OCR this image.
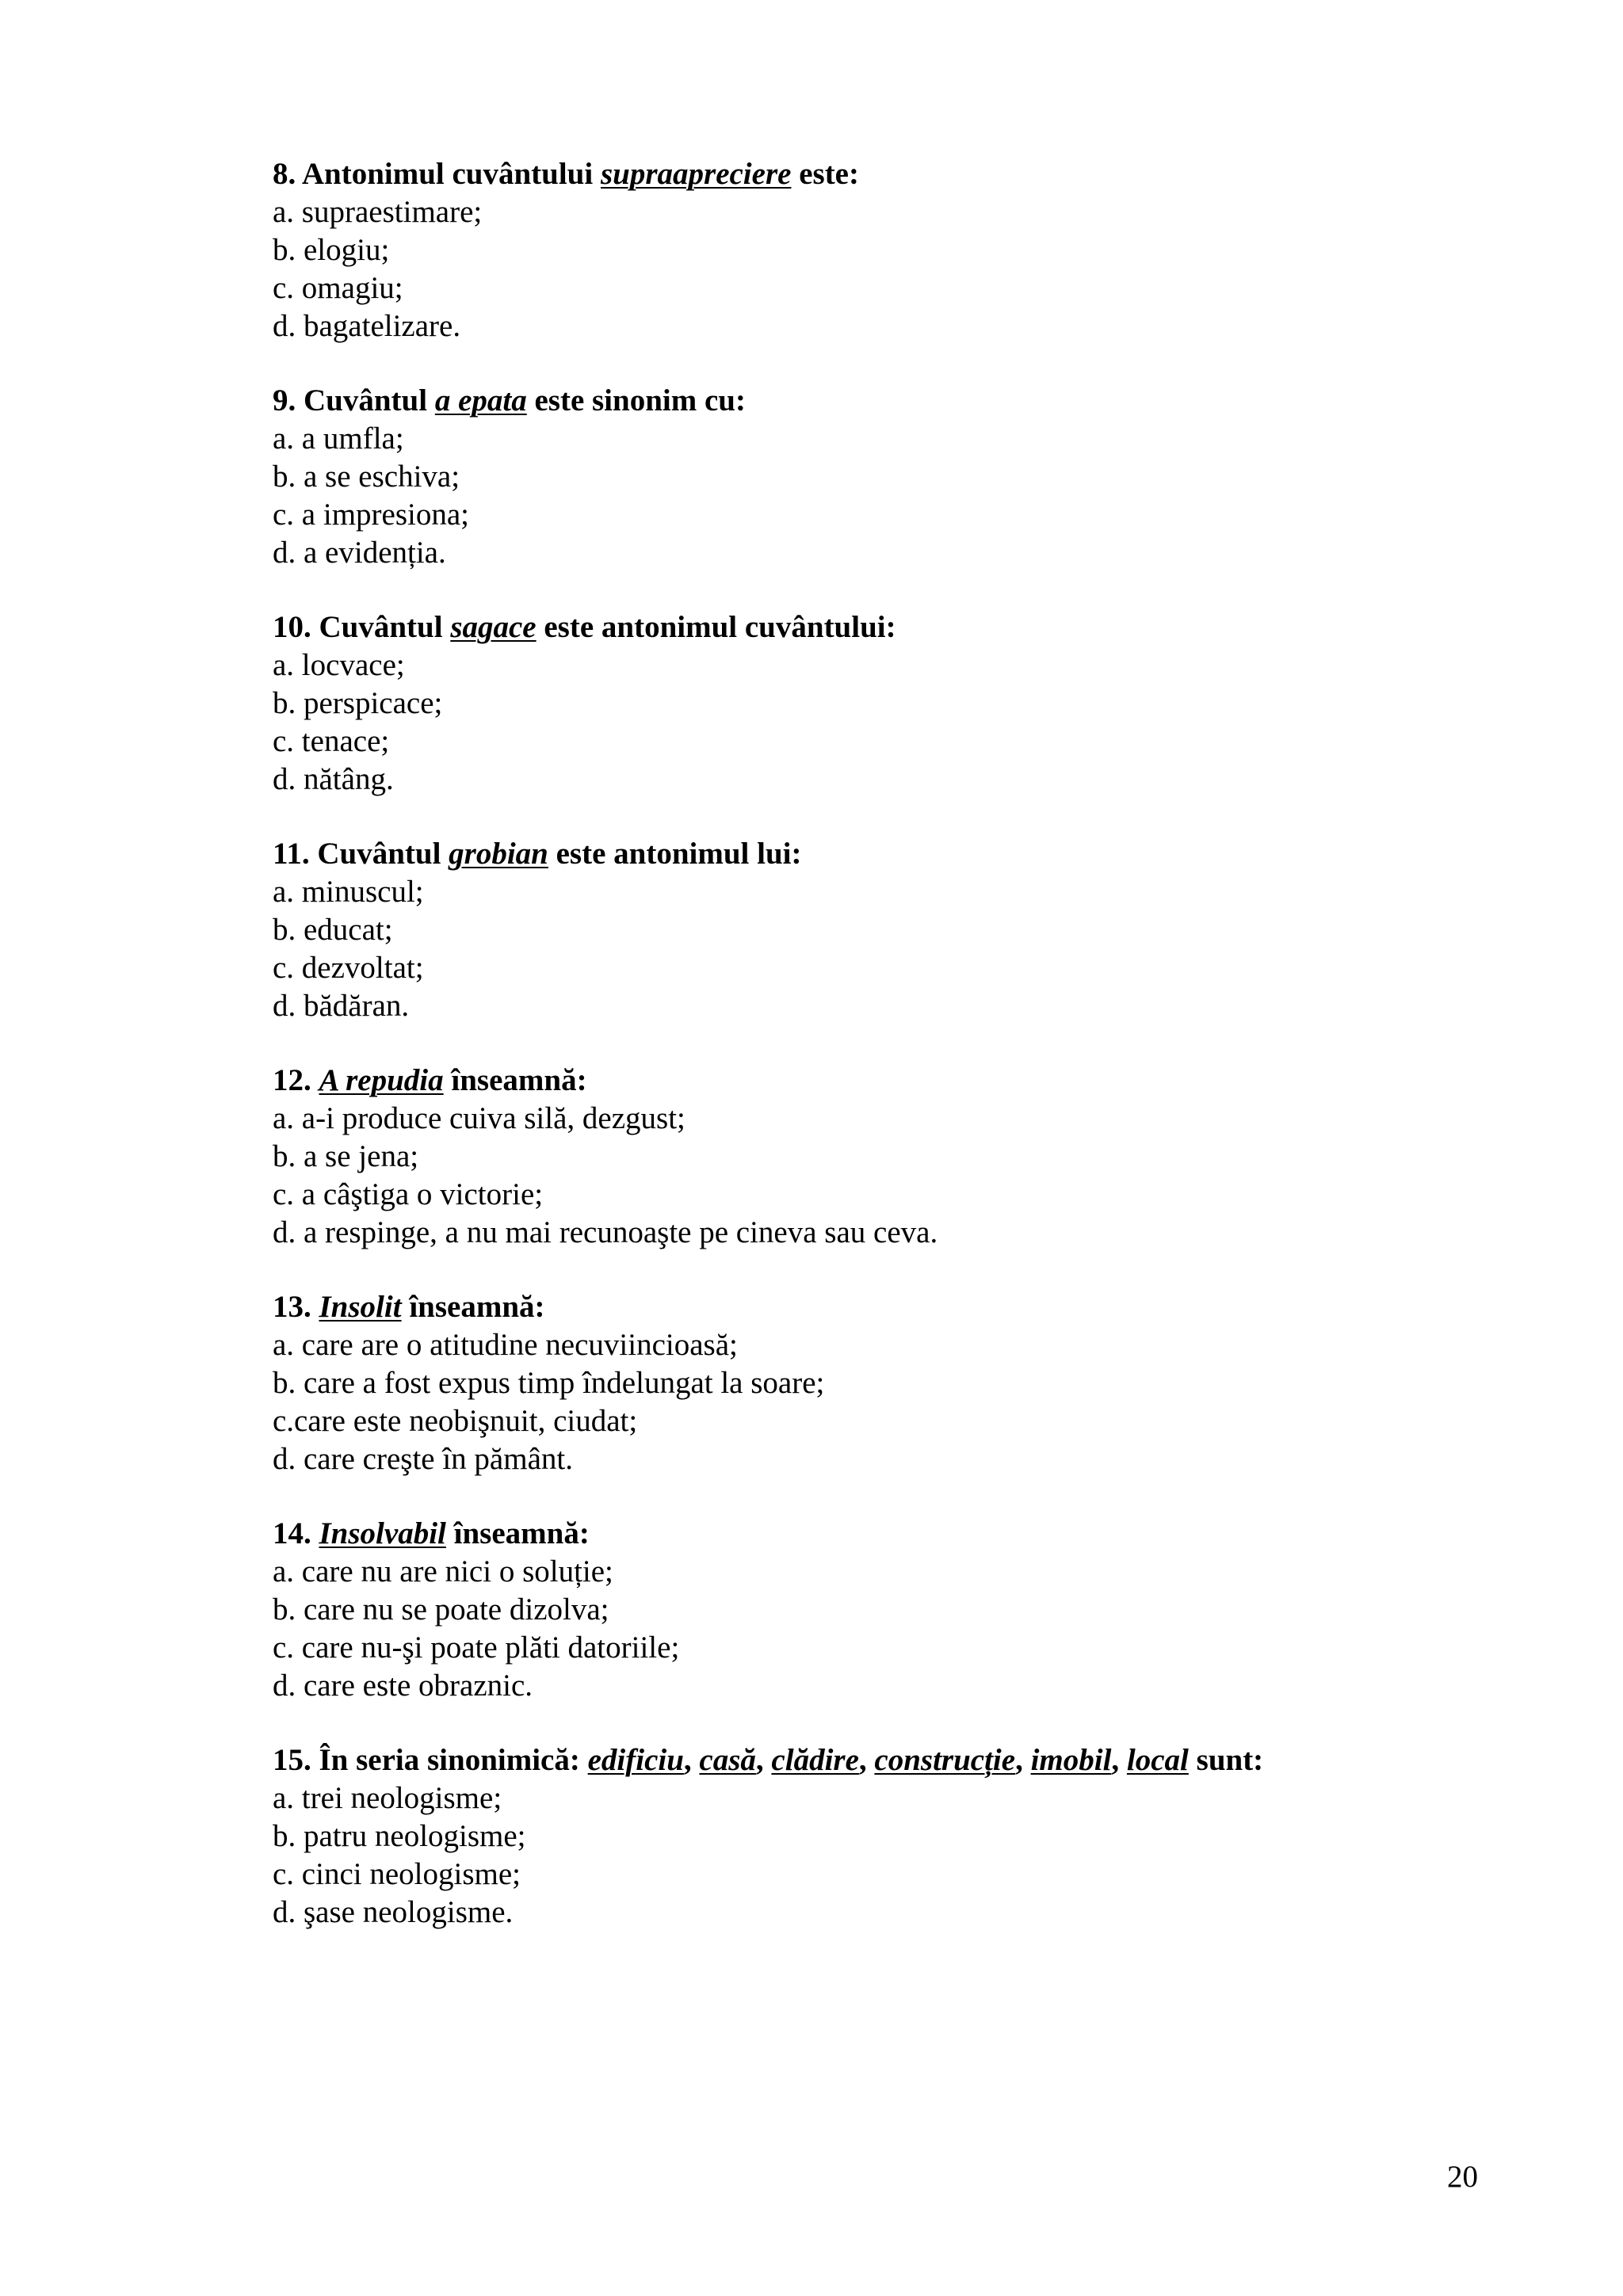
8. Antonimul cuvântului supraapreciere este:
a. supraestimare;
b. elogiu;
c. omagiu;
d. bagatelizare.
9. Cuvântul a epata este sinonim cu:
a. a umfla;
b. a se eschiva;
c. a impresiona;
d. a evidenția.
10. Cuvântul sagace este antonimul cuvântului:
a. locvace;
b. perspicace;
c. tenace;
d. nătâng.
11. Cuvântul grobian este antonimul lui:
a. minuscul;
b. educat;
c. dezvoltat;
d. bădăran.
12. A repudia înseamnă:
a. a-i produce cuiva silă, dezgust;
b. a se jena;
c. a câştiga o victorie;
d. a respinge, a nu mai recunoaşte pe cineva sau ceva.
13. Insolit înseamnă:
a. care are o atitudine necuviincioasă;
b. care a fost expus timp îndelungat la soare;
c.care este neobişnuit, ciudat;
d. care creşte în pământ.
14. Insolvabil înseamnă:
a. care nu are nici o soluție;
b. care nu se poate dizolva;
c. care nu-şi poate plăti datoriile;
d. care este obraznic.
15. În seria sinonimică: edificiu, casă, clădire, construcție, imobil, local sunt:
a. trei neologisme;
b. patru neologisme;
c. cinci neologisme;
d. şase neologisme.
20
